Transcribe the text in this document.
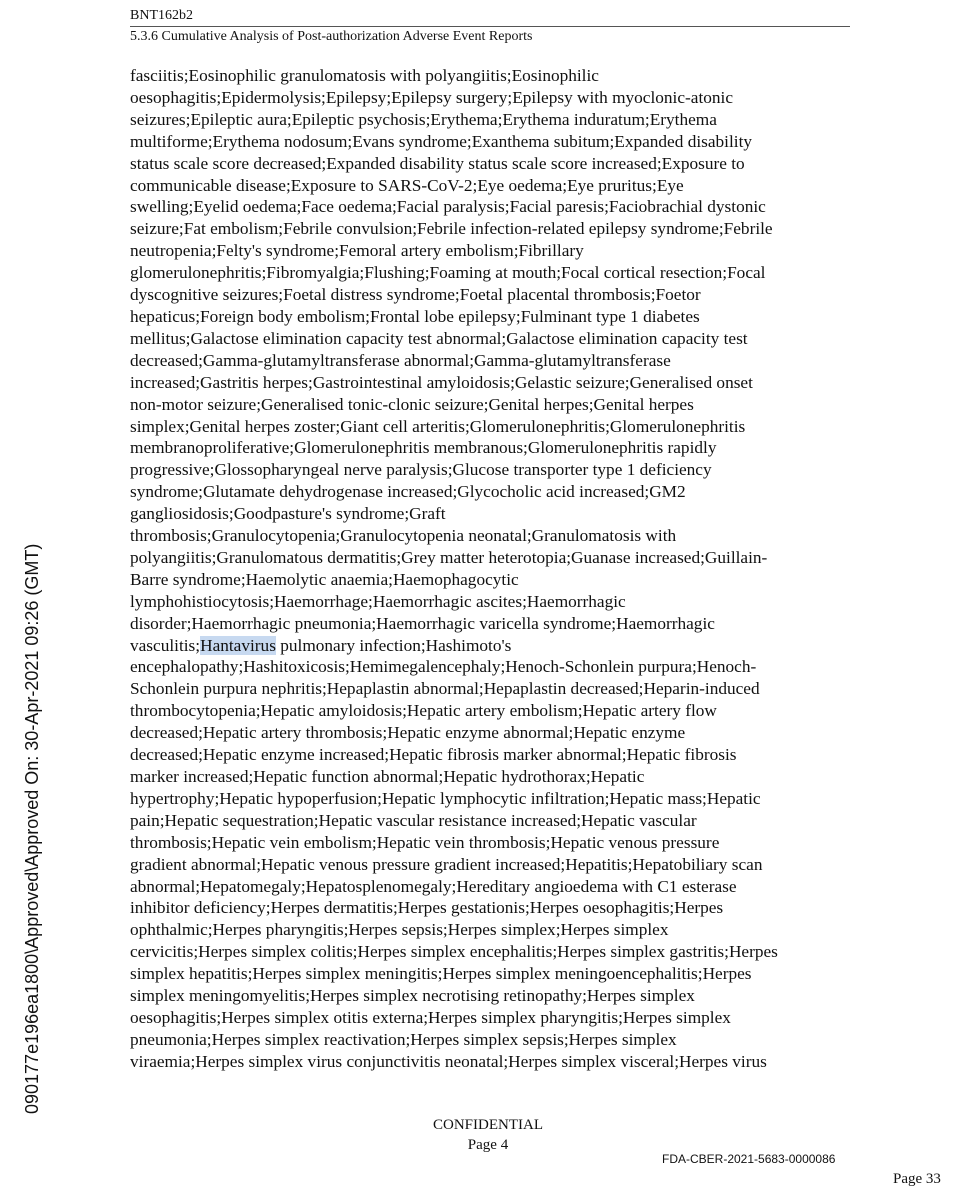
BNT162b2
5.3.6 Cumulative Analysis of Post-authorization Adverse Event Reports
fasciitis;Eosinophilic granulomatosis with polyangiitis;Eosinophilic
oesophagitis;Epidermolysis;Epilepsy;Epilepsy surgery;Epilepsy with myoclonic-atonic
seizures;Epileptic aura;Epileptic psychosis;Erythema;Erythema induratum;Erythema
multiforme;Erythema nodosum;Evans syndrome;Exanthema subitum;Expanded disability
status scale score decreased;Expanded disability status scale score increased;Exposure to
communicable disease;Exposure to SARS-CoV-2;Eye oedema;Eye pruritus;Eye
swelling;Eyelid oedema;Face oedema;Facial paralysis;Facial paresis;Faciobrachial dystonic
seizure;Fat embolism;Febrile convulsion;Febrile infection-related epilepsy syndrome;Febrile
neutropenia;Felty's syndrome;Femoral artery embolism;Fibrillary
glomerulonephritis;Fibromyalgia;Flushing;Foaming at mouth;Focal cortical resection;Focal
dyscognitive seizures;Foetal distress syndrome;Foetal placental thrombosis;Foetor
hepaticus;Foreign body embolism;Frontal lobe epilepsy;Fulminant type 1 diabetes
mellitus;Galactose elimination capacity test abnormal;Galactose elimination capacity test
decreased;Gamma-glutamyltransferase abnormal;Gamma-glutamyltransferase
increased;Gastritis herpes;Gastrointestinal amyloidosis;Gelastic seizure;Generalised onset
non-motor seizure;Generalised tonic-clonic seizure;Genital herpes;Genital herpes
simplex;Genital herpes zoster;Giant cell arteritis;Glomerulonephritis;Glomerulonephritis
membranoproliferative;Glomerulonephritis membranous;Glomerulonephritis rapidly
progressive;Glossopharyngeal nerve paralysis;Glucose transporter type 1 deficiency
syndrome;Glutamate dehydrogenase increased;Glycocholic acid increased;GM2
gangliosidosis;Goodpasture's syndrome;Graft
thrombosis;Granulocytopenia;Granulocytopenia neonatal;Granulomatosis with
polyangiitis;Granulomatous dermatitis;Grey matter heterotopia;Guanase increased;Guillain-
Barre syndrome;Haemolytic anaemia;Haemophagocytic
lymphohistiocytosis;Haemorrhage;Haemorrhagic ascites;Haemorrhagic
disorder;Haemorrhagic pneumonia;Haemorrhagic varicella syndrome;Haemorrhagic
vasculitis;Hantavirus pulmonary infection;Hashimoto's
encephalopathy;Hashitoxicosis;Hemimegalencephaly;Henoch-Schonlein purpura;Henoch-
Schonlein purpura nephritis;Hepaplastin abnormal;Hepaplastin decreased;Heparin-induced
thrombocytopenia;Hepatic amyloidosis;Hepatic artery embolism;Hepatic artery flow
decreased;Hepatic artery thrombosis;Hepatic enzyme abnormal;Hepatic enzyme
decreased;Hepatic enzyme increased;Hepatic fibrosis marker abnormal;Hepatic fibrosis
marker increased;Hepatic function abnormal;Hepatic hydrothorax;Hepatic
hypertrophy;Hepatic hypoperfusion;Hepatic lymphocytic infiltration;Hepatic mass;Hepatic
pain;Hepatic sequestration;Hepatic vascular resistance increased;Hepatic vascular
thrombosis;Hepatic vein embolism;Hepatic vein thrombosis;Hepatic venous pressure
gradient abnormal;Hepatic venous pressure gradient increased;Hepatitis;Hepatobiliary scan
abnormal;Hepatomegaly;Hepatosplenomegaly;Hereditary angioedema with C1 esterase
inhibitor deficiency;Herpes dermatitis;Herpes gestationis;Herpes oesophagitis;Herpes
ophthalmic;Herpes pharyngitis;Herpes sepsis;Herpes simplex;Herpes simplex
cervicitis;Herpes simplex colitis;Herpes simplex encephalitis;Herpes simplex gastritis;Herpes
simplex hepatitis;Herpes simplex meningitis;Herpes simplex meningoencephalitis;Herpes
simplex meningomyelitis;Herpes simplex necrotising retinopathy;Herpes simplex
oesophagitis;Herpes simplex otitis externa;Herpes simplex pharyngitis;Herpes simplex
pneumonia;Herpes simplex reactivation;Herpes simplex sepsis;Herpes simplex
viraemia;Herpes simplex virus conjunctivitis neonatal;Herpes simplex visceral;Herpes virus
090177e196ea1800\Approved\Approved On: 30-Apr-2021 09:26 (GMT)
CONFIDENTIAL
Page 4
FDA-CBER-2021-5683-0000086
Page 33
